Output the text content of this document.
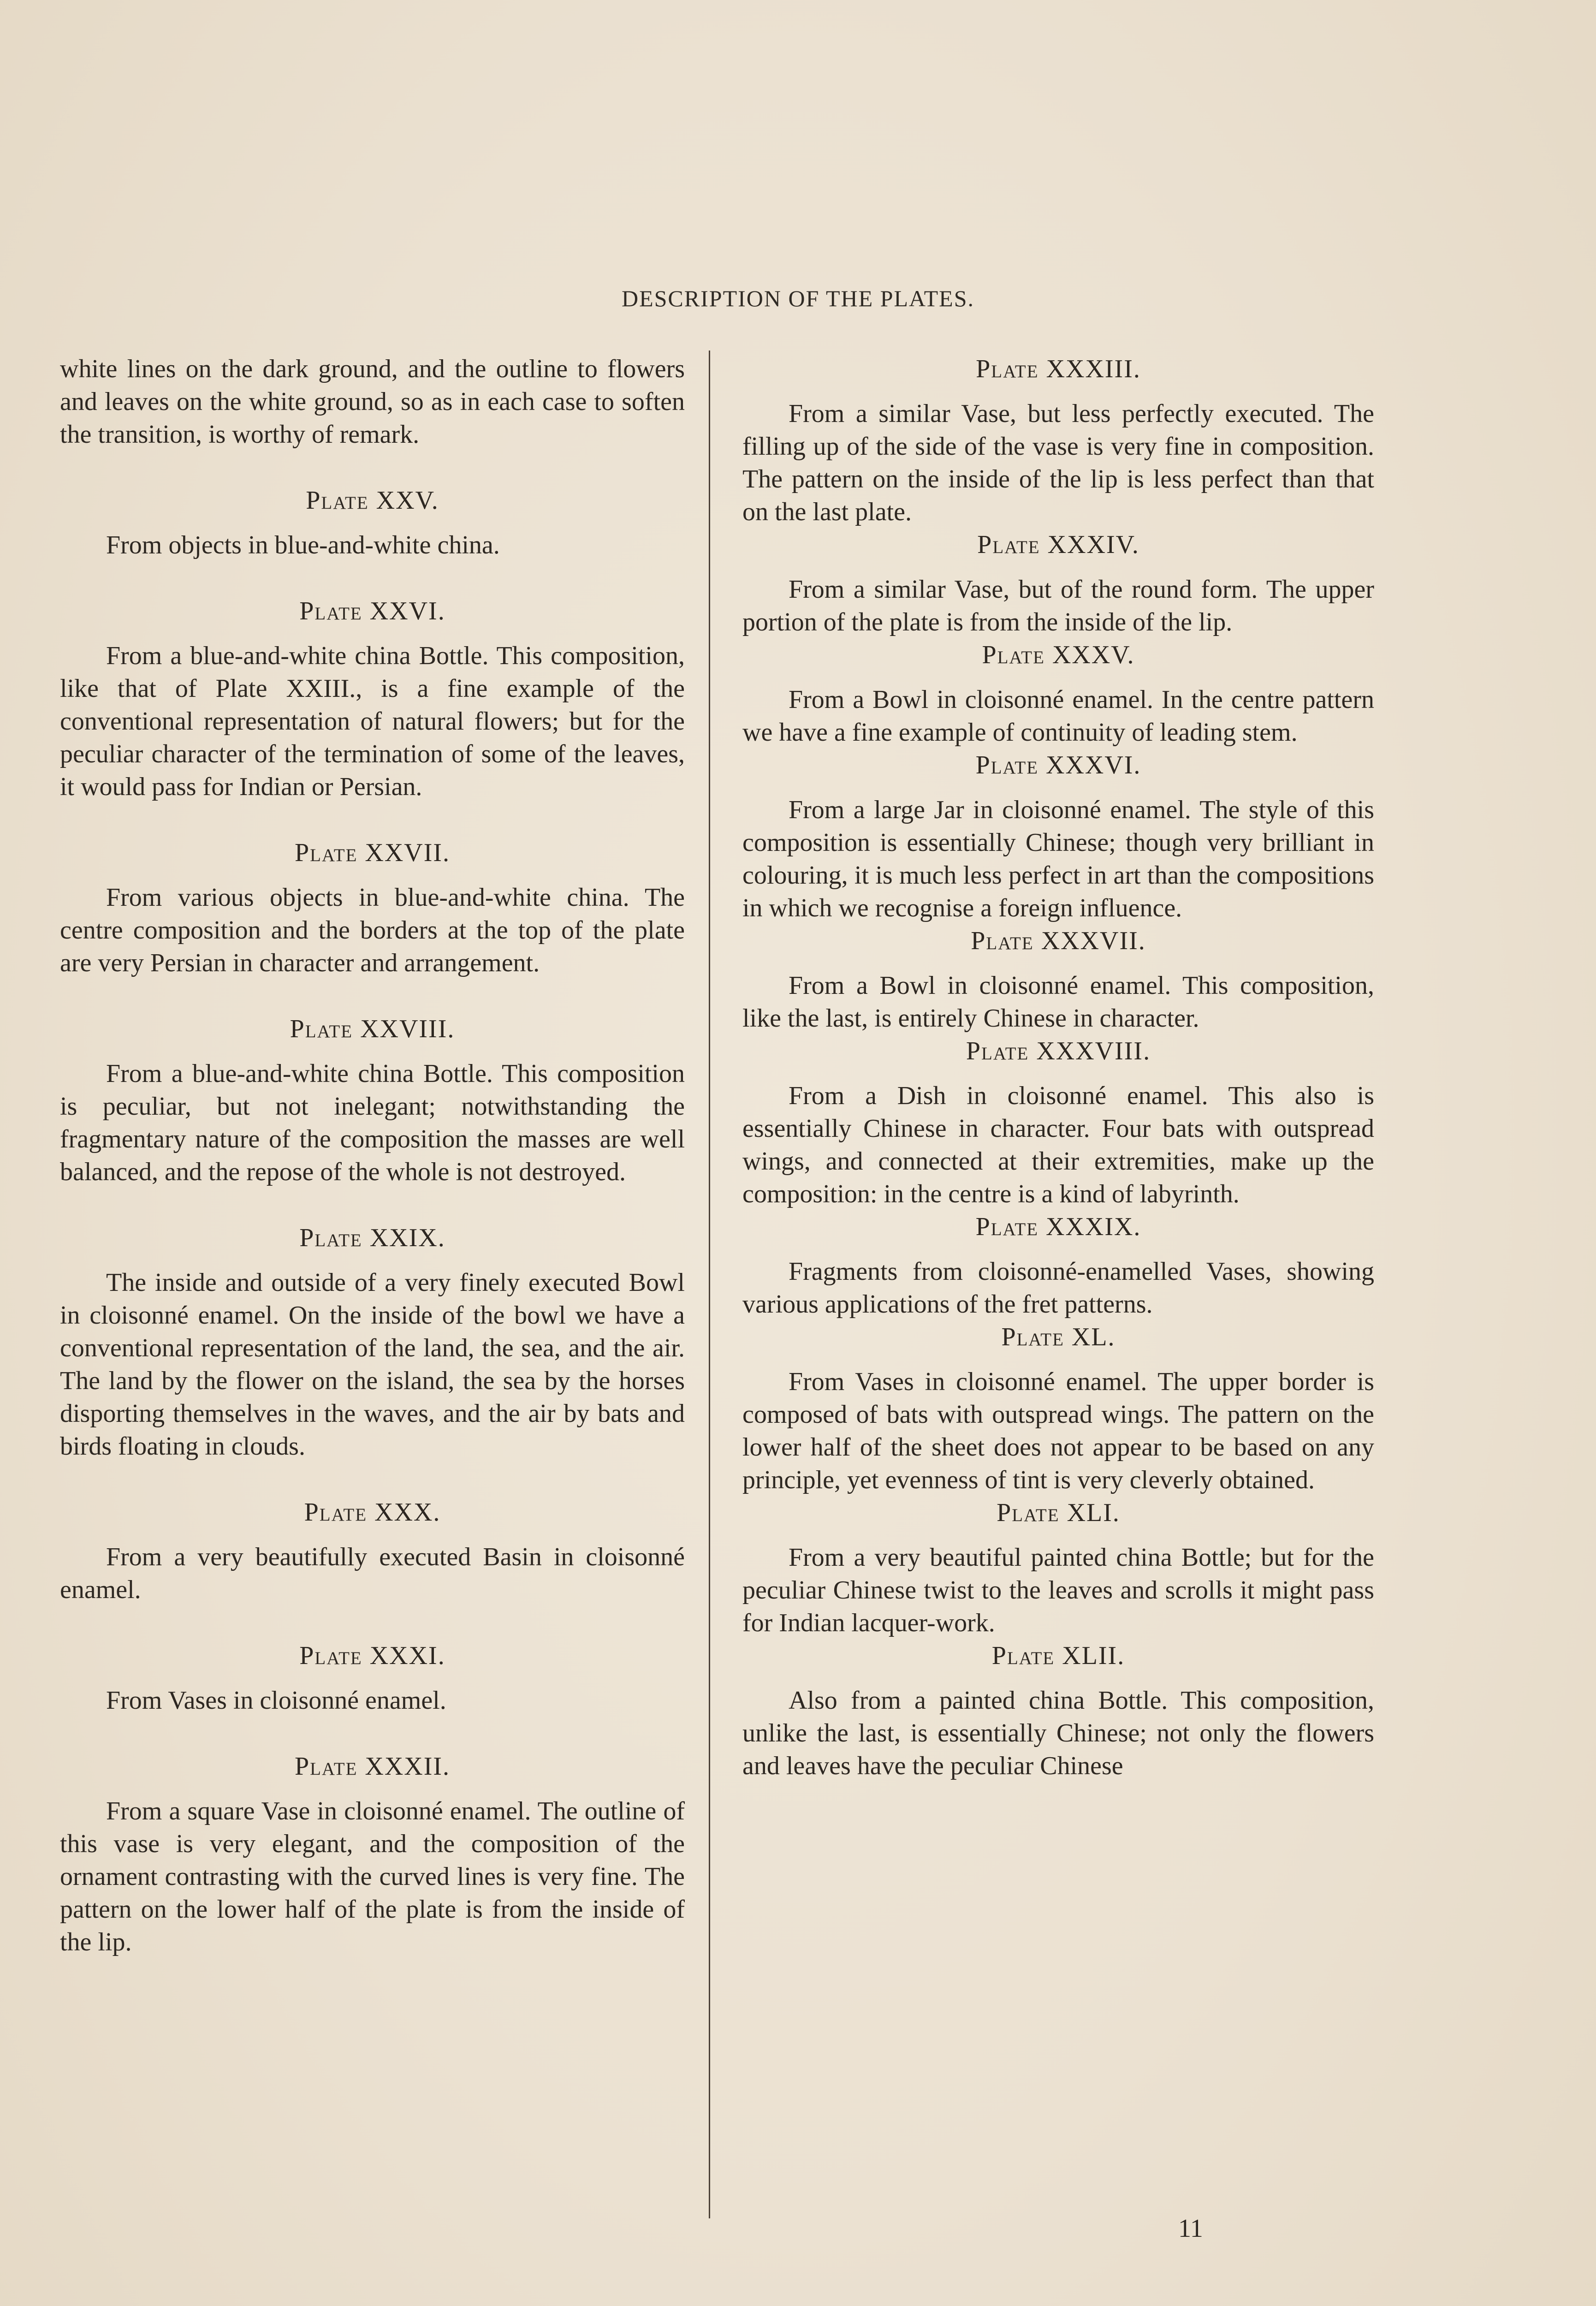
DESCRIPTION OF THE PLATES.

white lines on the dark ground, and the outline to flowers and leaves on the white ground, so as in each case to soften the transition, is worthy of remark.

Plate XXV.

From objects in blue-and-white china.

Plate XXVI.

From a blue-and-white china Bottle. This composition, like that of Plate XXIII., is a fine example of the conventional representation of natural flowers; but for the peculiar character of the termination of some of the leaves, it would pass for Indian or Persian.

Plate XXVII.

From various objects in blue-and-white china. The centre composition and the borders at the top of the plate are very Persian in character and arrangement.

Plate XXVIII.

From a blue-and-white china Bottle. This composition is peculiar, but not inelegant; notwithstanding the fragmentary nature of the composition the masses are well balanced, and the repose of the whole is not destroyed.

Plate XXIX.

The inside and outside of a very finely executed Bowl in cloisonné enamel. On the inside of the bowl we have a conventional representation of the land, the sea, and the air. The land by the flower on the island, the sea by the horses disporting themselves in the waves, and the air by bats and birds floating in clouds.

Plate XXX.

From a very beautifully executed Basin in cloisonné enamel.

Plate XXXI.

From Vases in cloisonné enamel.

Plate XXXII.

From a square Vase in cloisonné enamel. The outline of this vase is very elegant, and the composition of the ornament contrasting with the curved lines is very fine. The pattern on the lower half of the plate is from the inside of the lip.

Plate XXXIII.

From a similar Vase, but less perfectly executed. The filling up of the side of the vase is very fine in composition. The pattern on the inside of the lip is less perfect than that on the last plate.

Plate XXXIV.

From a similar Vase, but of the round form. The upper portion of the plate is from the inside of the lip.

Plate XXXV.

From a Bowl in cloisonné enamel. In the centre pattern we have a fine example of continuity of leading stem.

Plate XXXVI.

From a large Jar in cloisonné enamel. The style of this composition is essentially Chinese; though very brilliant in colouring, it is much less perfect in art than the compositions in which we recognise a foreign influence.

Plate XXXVII.

From a Bowl in cloisonné enamel. This composition, like the last, is entirely Chinese in character.

Plate XXXVIII.

From a Dish in cloisonné enamel. This also is essentially Chinese in character. Four bats with outspread wings, and connected at their extremities, make up the composition: in the centre is a kind of labyrinth.

Plate XXXIX.

Fragments from cloisonné-enamelled Vases, showing various applications of the fret patterns.

Plate XL.

From Vases in cloisonné enamel. The upper border is composed of bats with outspread wings. The pattern on the lower half of the sheet does not appear to be based on any principle, yet evenness of tint is very cleverly obtained.

Plate XLI.

From a very beautiful painted china Bottle; but for the peculiar Chinese twist to the leaves and scrolls it might pass for Indian lacquer-work.

Plate XLII.

Also from a painted china Bottle. This composition, unlike the last, is essentially Chinese; not only the flowers and leaves have the peculiar Chinese

11
